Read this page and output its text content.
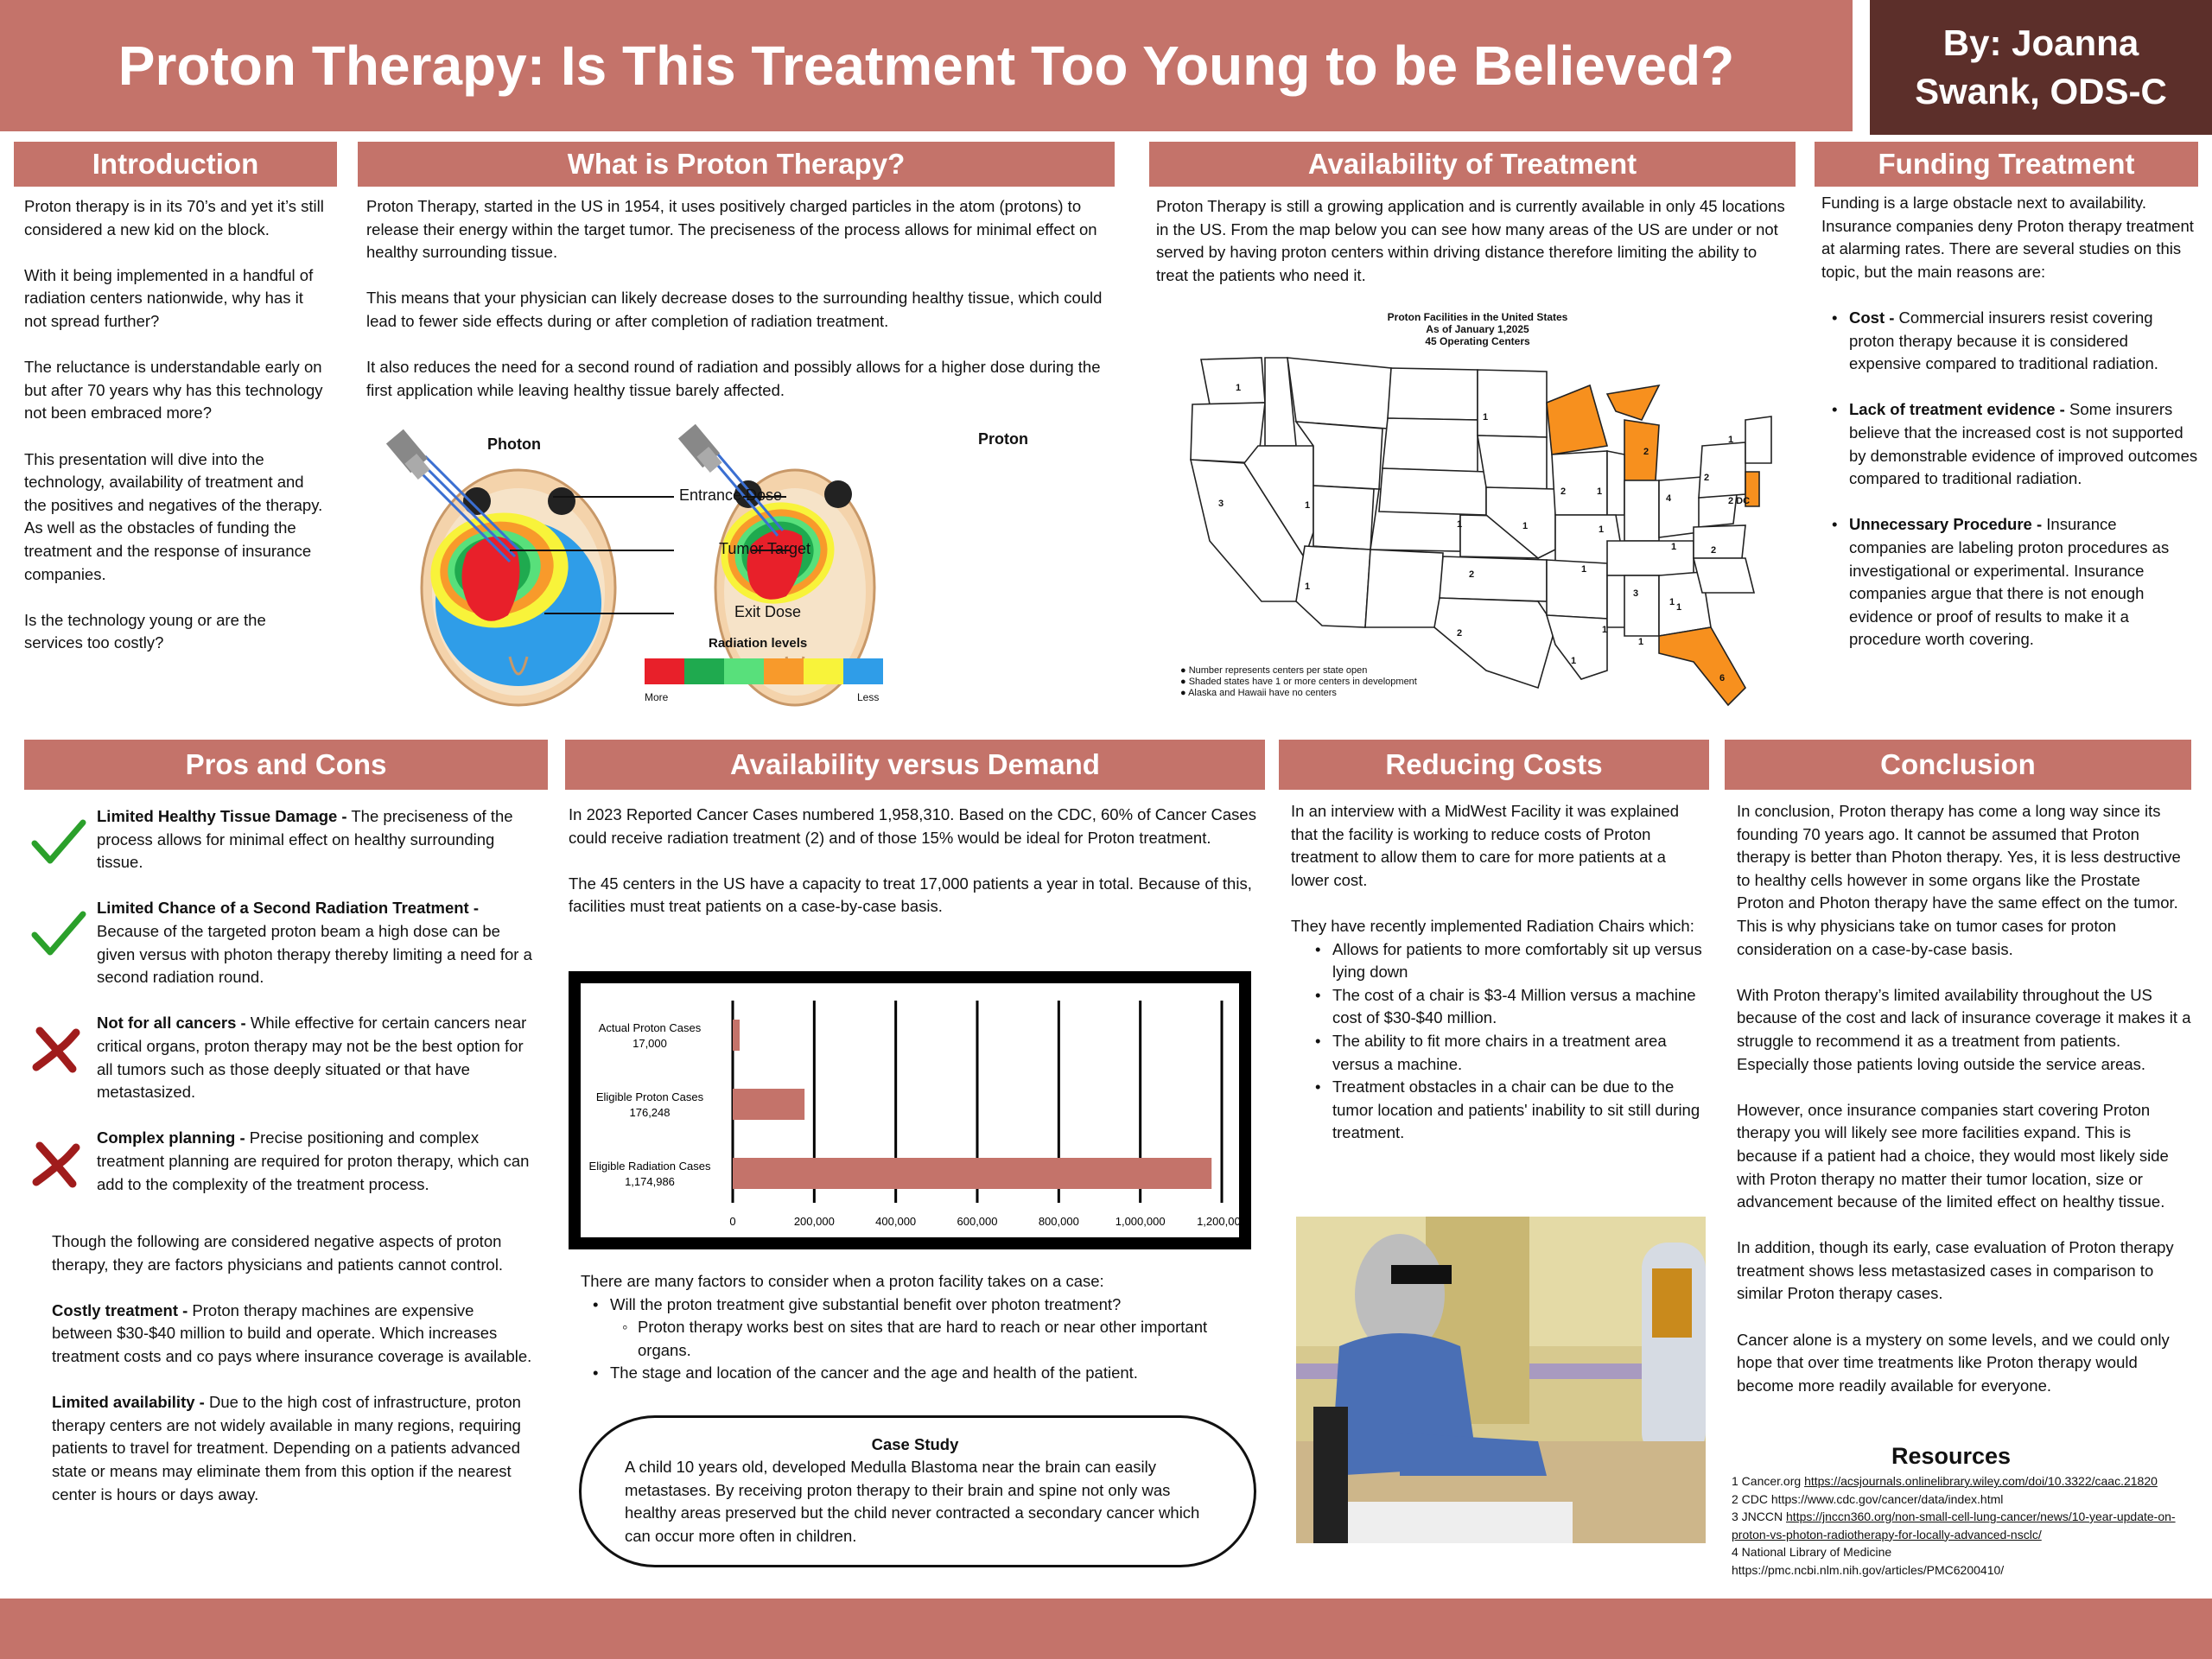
Proton Therapy: Is This Treatment Too Young to be Believed?	By: Joanna
Swank, ODS-C
Introduction

Proton therapy is in its 70’s and yet it’s still considered a new kid on the block.

With it being implemented in a handful of radiation centers nationwide, why has it not spread further?

The reluctance is understandable early on but after 70 years why has this technology not been embraced more?

This presentation will dive into the technology, availability of treatment and the positives and negatives of the therapy. As well as the obstacles of funding the treatment and the response of insurance companies.

Is the technology young or are the services too costly?

What is Proton Therapy?

Proton Therapy, started in the US in 1954, it uses positively charged particles in the atom (protons) to release their energy within the target tumor. The preciseness of the process allows for minimal effect on healthy surrounding tissue.

This means that your physician can likely decrease doses to the surrounding healthy tissue, which could lead to fewer side effects during or after completion of radiation treatment.

It also reduces the need for a second round of radiation and possibly allows for a higher dose during the first application while leaving healthy tissue barely affected.

Photon	Proton
Entrance Dose
Tumor Target
Exit Dose
Radiation levels
More	Less
Availability of Treatment
Proton Therapy is still a growing application and is currently available in only 45 locations in the US. From the map below you can see how many areas of the US are under or not served by having proton centers within driving distance therefore limiting the ability to treat the patients who need it.
Proton Facilities in the United States
As of January 1,2025
45 Operating Centers
1
1
3
1
1
1
2
2
1
2	1
2
4
2
1
2
1
1
1
3
1
1
1
1
1
6
2 DC
● Number represents centers per state open
● Shaded states have 1 or more centers in development
● Alaska and Hawaii have no centers
Funding Treatment

Funding is a large obstacle next to availability. Insurance companies deny Proton therapy treatment at alarming rates. There are several studies on this topic, but the main reasons are:

• Cost - Commercial insurers resist covering proton therapy because it is considered expensive compared to traditional radiation.
• Lack of treatment evidence - Some insurers believe that the increased cost is not supported by demonstrable evidence of improved outcomes compared to traditional radiation.
• Unnecessary Procedure - Insurance companies are labeling proton procedures as investigational or experimental. Insurance companies argue that there is not enough evidence or proof of results to make it a procedure worth covering.
Pros and Cons
Limited Healthy Tissue Damage - The preciseness of the process allows for minimal effect on healthy surrounding tissue.
Limited Chance of a Second Radiation Treatment - Because of the targeted proton beam a high dose can be given versus with photon therapy thereby limiting a need for a second radiation round.
Not for all cancers - While effective for certain cancers near critical organs, proton therapy may not be the best option for all tumors such as those deeply situated or that have metastasized.
Complex planning - Precise positioning and complex treatment planning are required for proton therapy, which can add to the complexity of the treatment process.

Though the following are considered negative aspects of proton therapy, they are factors physicians and patients cannot control.

Costly treatment - Proton therapy machines are expensive between $30-$40 million to build and operate. Which increases treatment costs and co pays where insurance coverage is available.

Limited availability - Due to the high cost of infrastructure, proton therapy centers are not widely available in many regions, requiring patients to travel for treatment. Depending on a patients advanced state or means may eliminate them from this option if the nearest center is hours or days away.

Availability versus Demand

In 2023 Reported Cancer Cases numbered 1,958,310. Based on the CDC, 60% of Cancer Cases could receive radiation treatment (2) and of those 15% would be ideal for Proton treatment.

The 45 centers in the US have a capacity to treat 17,000 patients a year in total. Because of this, facilities must treat patients on a case-by-case basis.

0	200,000	400,000	600,000	800,000	1,000,000	1,200,000
Actual Proton Cases
17,000
Eligible Proton Cases
176,248
Eligible Radiation Cases
1,174,986
There are many factors to consider when a proton facility takes on a case:
• Will the proton treatment give substantial benefit over photon treatment?
◦ Proton therapy works best on sites that are hard to reach or near other important organs.
• The stage and location of the cancer and the age and health of the patient.
Case Study
A child 10 years old, developed Medulla Blastoma near the brain can easily metastases. By receiving proton therapy to their brain and spine not only was healthy areas preserved but the child never contracted a secondary cancer which can occur more often in children.
Reducing Costs

In an interview with a MidWest Facility it was explained that the facility is working to reduce costs of Proton treatment to allow them to care for more patients at a lower cost.

They have recently implemented Radiation Chairs which:
• Allows for patients to more comfortably sit up versus lying down
• The cost of a chair is $3-4 Million versus a machine cost of $30-$40 million.
• The ability to fit more chairs in a treatment area versus a machine.
• Treatment obstacles in a chair can be due to the tumor location and patients' inability to sit still during treatment.
Conclusion

In conclusion, Proton therapy has come a long way since its founding 70 years ago. It cannot be assumed that Proton therapy is better than Photon therapy. Yes, it is less destructive to healthy cells however in some organs like the Prostate Proton and Photon therapy have the same effect on the tumor. This is why physicians take on tumor cases for proton consideration on a case-by-case basis.

With Proton therapy’s limited availability throughout the US because of the cost and lack of insurance coverage it makes it a struggle to recommend it as a treatment from patients. Especially those patients loving outside the service areas.

However, once insurance companies start covering Proton therapy you will likely see more facilities expand. This is because if a patient had a choice, they would most likely side with Proton therapy no matter their tumor location, size or advancement because of the limited effect on healthy tissue.

In addition, though its early, case evaluation of Proton therapy treatment shows less metastasized cases in comparison to similar Proton therapy cases.

Cancer alone is a mystery on some levels, and we could only hope that over time treatments like Proton therapy would become more readily available for everyone.

Resources
1 Cancer.org https://acsjournals.onlinelibrary.wiley.com/doi/10.3322/caac.21820
2 CDC https://www.cdc.gov/cancer/data/index.html
3 JNCCN https://jnccn360.org/non-small-cell-lung-cancer/news/10-year-update-on-proton-vs-photon-radiotherapy-for-locally-advanced-nsclc/
4 National Library of Medicine
https://pmc.ncbi.nlm.nih.gov/articles/PMC6200410/
